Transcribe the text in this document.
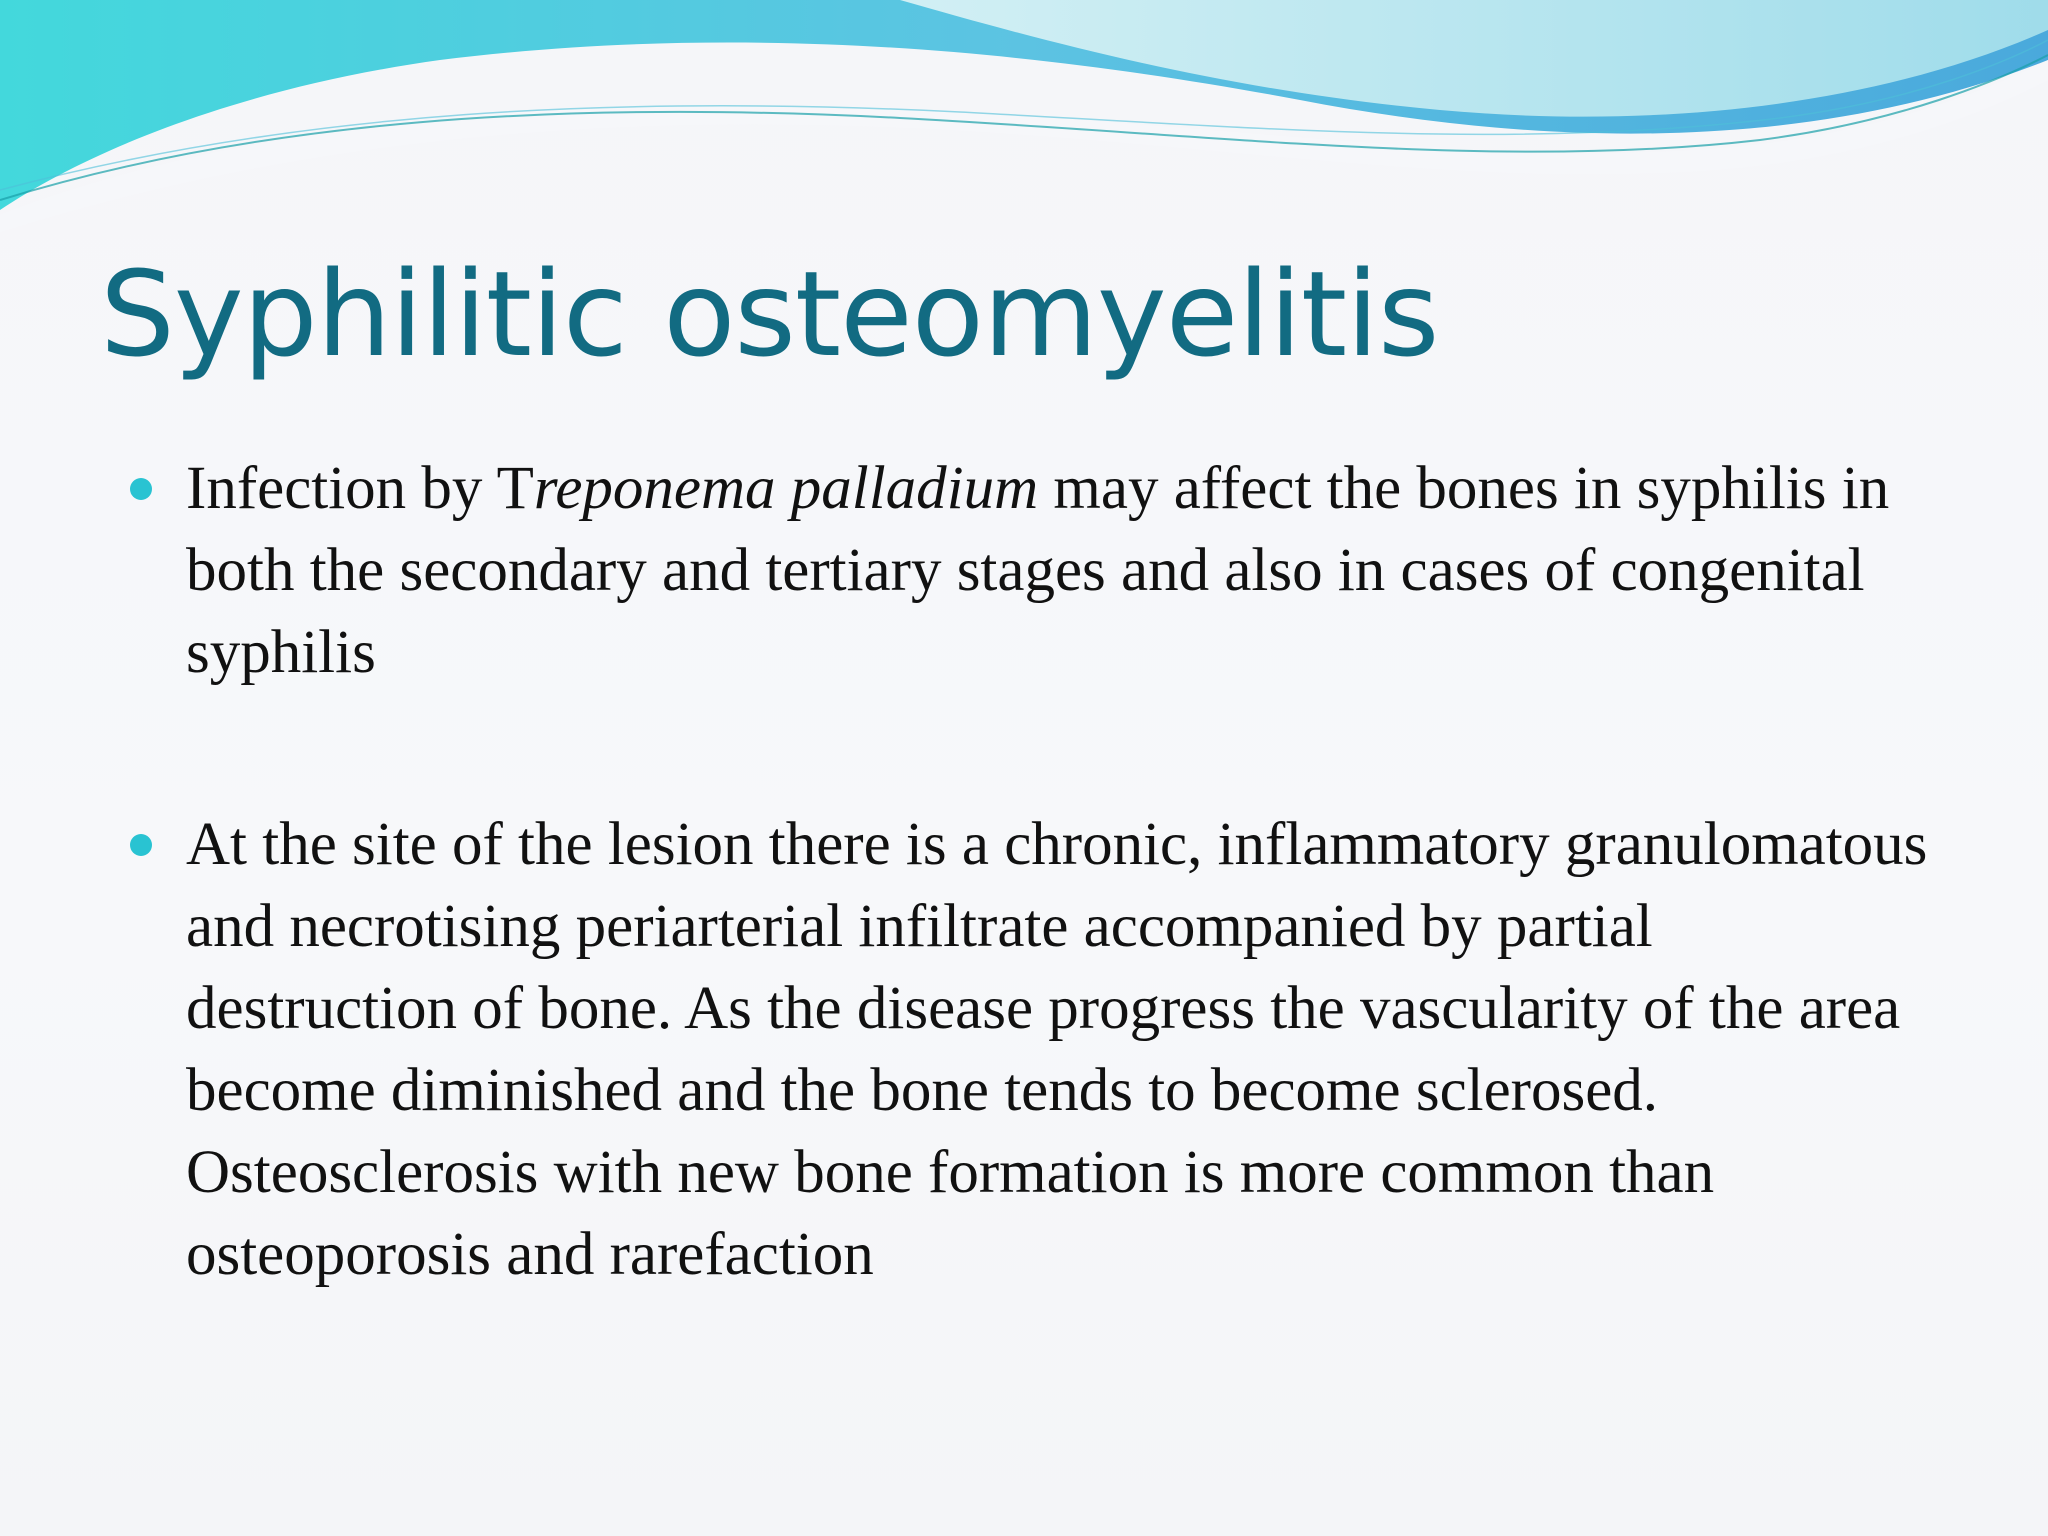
Syphilitic osteomyelitis
Infection by Treponema palladium may affect the bones in syphilis in both the secondary and tertiary stages and also in cases of congenital syphilis
At the site of the lesion there is a chronic, inflammatory granulomatous and necrotising periarterial infiltrate accompanied by partial destruction of bone. As the disease progress the vascularity of the area become diminished and the bone tends to become sclerosed. Osteosclerosis with new bone formation is more common than osteoporosis and rarefaction
